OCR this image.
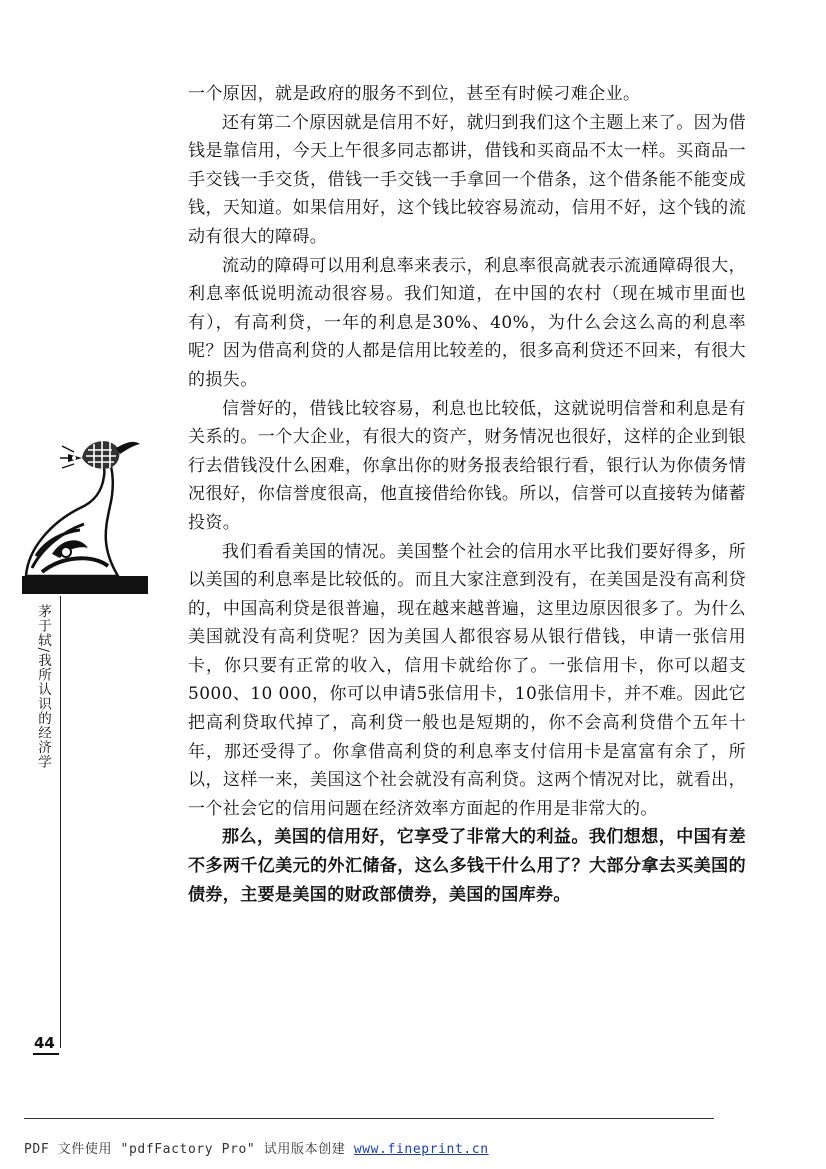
一个原因，就是政府的服务不到位，甚至有时候刁难企业。

还有第二个原因就是信用不好，就归到我们这个主题上来了。因为借钱是靠信用，今天上午很多同志都讲，借钱和买商品不太一样。买商品一手交钱一手交货，借钱一手交钱一手拿回一个借条，这个借条能不能变成钱，天知道。如果信用好，这个钱比较容易流动，信用不好，这个钱的流动有很大的障碍。

流动的障碍可以用利息率来表示，利息率很高就表示流通障碍很大，利息率低说明流动很容易。我们知道，在中国的农村（现在城市里面也有），有高利贷，一年的利息是30%、40%，为什么会这么高的利息率呢？因为借高利贷的人都是信用比较差的，很多高利贷还不回来，有很大的损失。

信誉好的，借钱比较容易，利息也比较低，这就说明信誉和利息是有关系的。一个大企业，有很大的资产，财务情况也很好，这样的企业到银行去借钱没什么困难，你拿出你的财务报表给银行看，银行认为你债务情况很好，你信誉度很高，他直接借给你钱。所以，信誉可以直接转为储蓄投资。

我们看看美国的情况。美国整个社会的信用水平比我们要好得多，所以美国的利息率是比较低的。而且大家注意到没有，在美国是没有高利贷的，中国高利贷是很普遍，现在越来越普遍，这里边原因很多了。为什么美国就没有高利贷呢？因为美国人都很容易从银行借钱，申请一张信用卡，你只要有正常的收入，信用卡就给你了。一张信用卡，你可以超支5000、10 000，你可以申请5张信用卡，10张信用卡，并不难。因此它把高利贷取代掉了，高利贷一般也是短期的，你不会高利贷借个五年十年，那还受得了。你拿借高利贷的利息率支付信用卡是富富有余了，所以，这样一来，美国这个社会就没有高利贷。这两个情况对比，就看出，一个社会它的信用问题在经济效率方面起的作用是非常大的。

那么，美国的信用好，它享受了非常大的利益。我们想想，中国有差不多两千亿美元的外汇储备，这么多钱干什么用了？大部分拿去买美国的债券，主要是美国的财政部债券，美国的国库券。

茅于轼/我所认识的经济学
44
PDF 文件使用 "pdfFactory Pro" 试用版本创建 www.fineprint.cn
